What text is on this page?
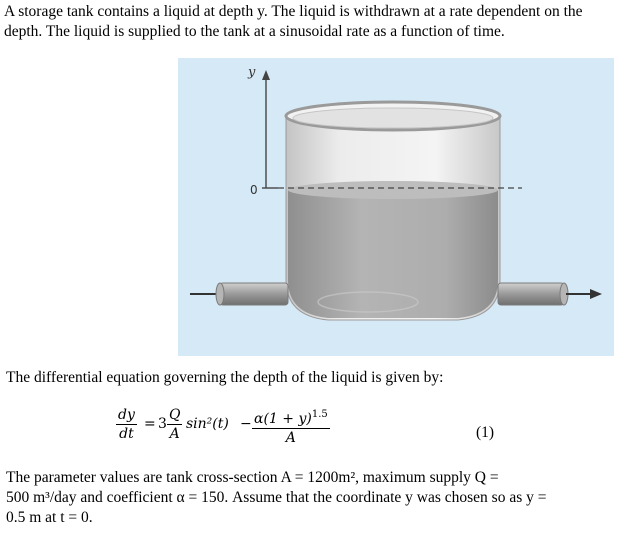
A storage tank contains a liquid at depth y. The liquid is withdrawn at a rate dependent on the
depth. The liquid is supplied to the tank at a sinusoidal rate as a function of time.
y
0
The differential equation governing the depth of the liquid is given by:
$\frac{dy}{dt} = 3 \frac{Q}{A} \sin^2(t) - \frac{\alpha(1 + y)^{1.5}}{A}$	(1)
The parameter values are tank cross-section A = 1200m², maximum supply Q =
500 m³/day and coefficient α = 150. Assume that the coordinate y was chosen so as y =
0.5 m at t = 0.
